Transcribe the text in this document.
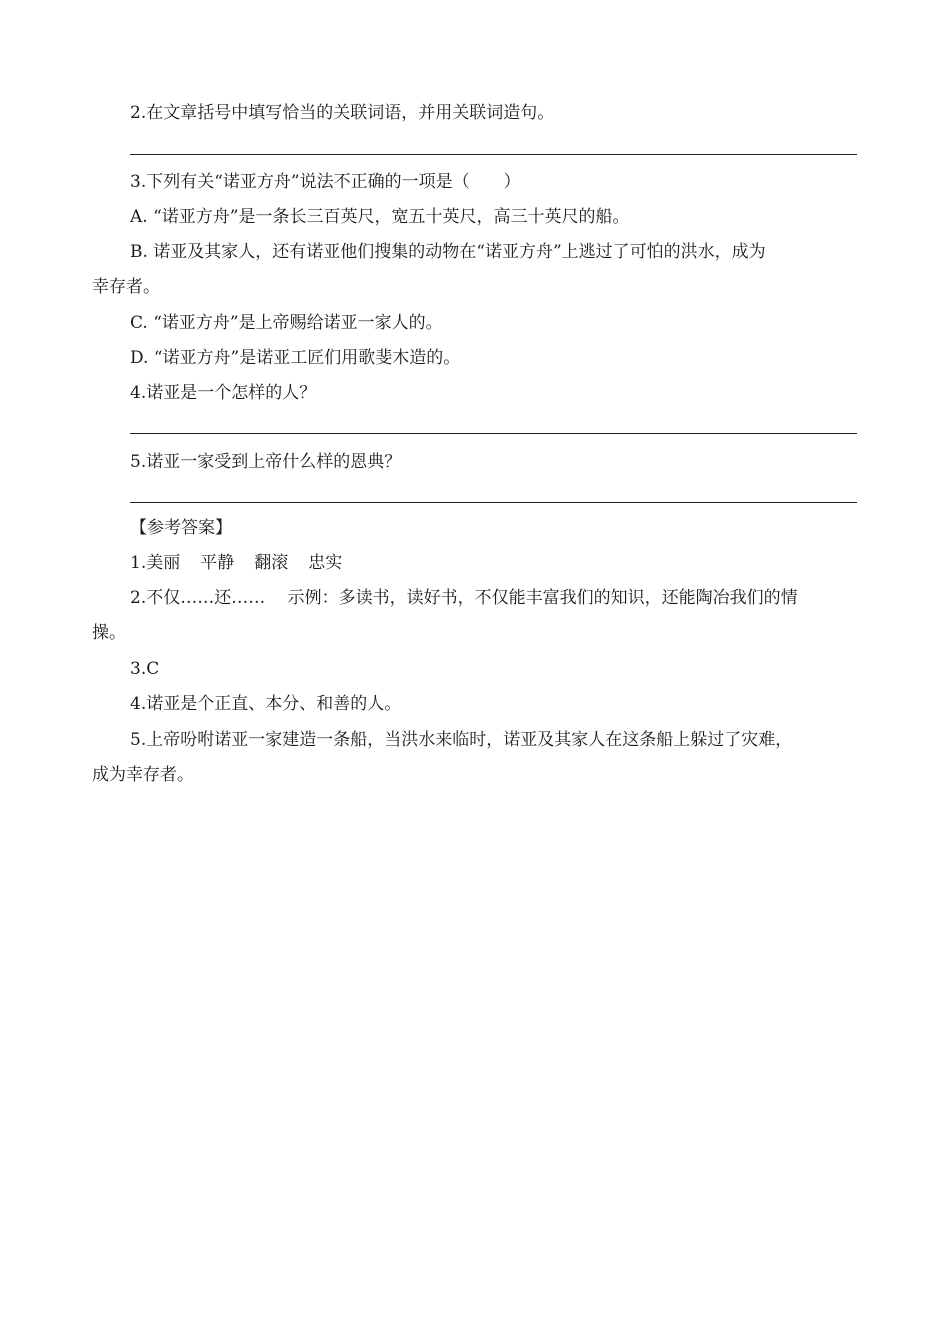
2.在文章括号中填写恰当的关联词语，并用关联词造句。
3.下列有关“诺亚方舟”说法不正确的一项是（　　）
A. “诺亚方舟”是一条长三百英尺，宽五十英尺，高三十英尺的船。
B. 诺亚及其家人，还有诺亚他们搜集的动物在“诺亚方舟”上逃过了可怕的洪水，成为
幸存者。
C. “诺亚方舟”是上帝赐给诺亚一家人的。
D. “诺亚方舟”是诺亚工匠们用歌斐木造的。
4.诺亚是一个怎样的人？
5.诺亚一家受到上帝什么样的恩典？
【参考答案】
1.美丽 平静 翻滚 忠实
2.不仅……还……　 示例：多读书，读好书，不仅能丰富我们的知识，还能陶冶我们的情
操。
3.C
4.诺亚是个正直、本分、和善的人。
5.上帝吩咐诺亚一家建造一条船，当洪水来临时，诺亚及其家人在这条船上躲过了灾难，
成为幸存者。
